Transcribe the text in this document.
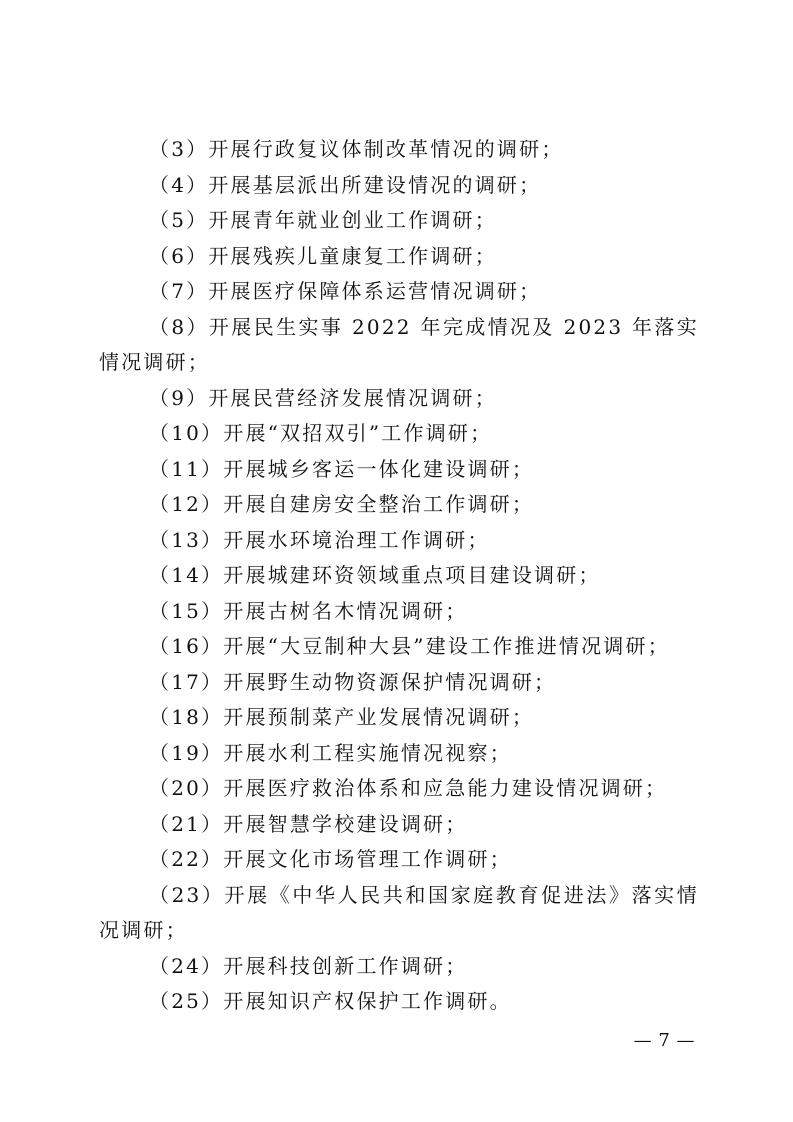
（3）开展行政复议体制改革情况的调研；

（4）开展基层派出所建设情况的调研；

（5）开展青年就业创业工作调研；

（6）开展残疾儿童康复工作调研；

（7）开展医疗保障体系运营情况调研；

（8）开展民生实事 2022 年完成情况及 2023 年落实情况调研；

（9）开展民营经济发展情况调研；

（10）开展“双招双引”工作调研；

（11）开展城乡客运一体化建设调研；

（12）开展自建房安全整治工作调研；

（13）开展水环境治理工作调研；

（14）开展城建环资领域重点项目建设调研；

（15）开展古树名木情况调研；

（16）开展“大豆制种大县”建设工作推进情况调研；

（17）开展野生动物资源保护情况调研；

（18）开展预制菜产业发展情况调研；

（19）开展水利工程实施情况视察；

（20）开展医疗救治体系和应急能力建设情况调研；

（21）开展智慧学校建设调研；

（22）开展文化市场管理工作调研；

（23）开展《中华人民共和国家庭教育促进法》落实情况调研；

（24）开展科技创新工作调研；

（25）开展知识产权保护工作调研。

— 7 —
